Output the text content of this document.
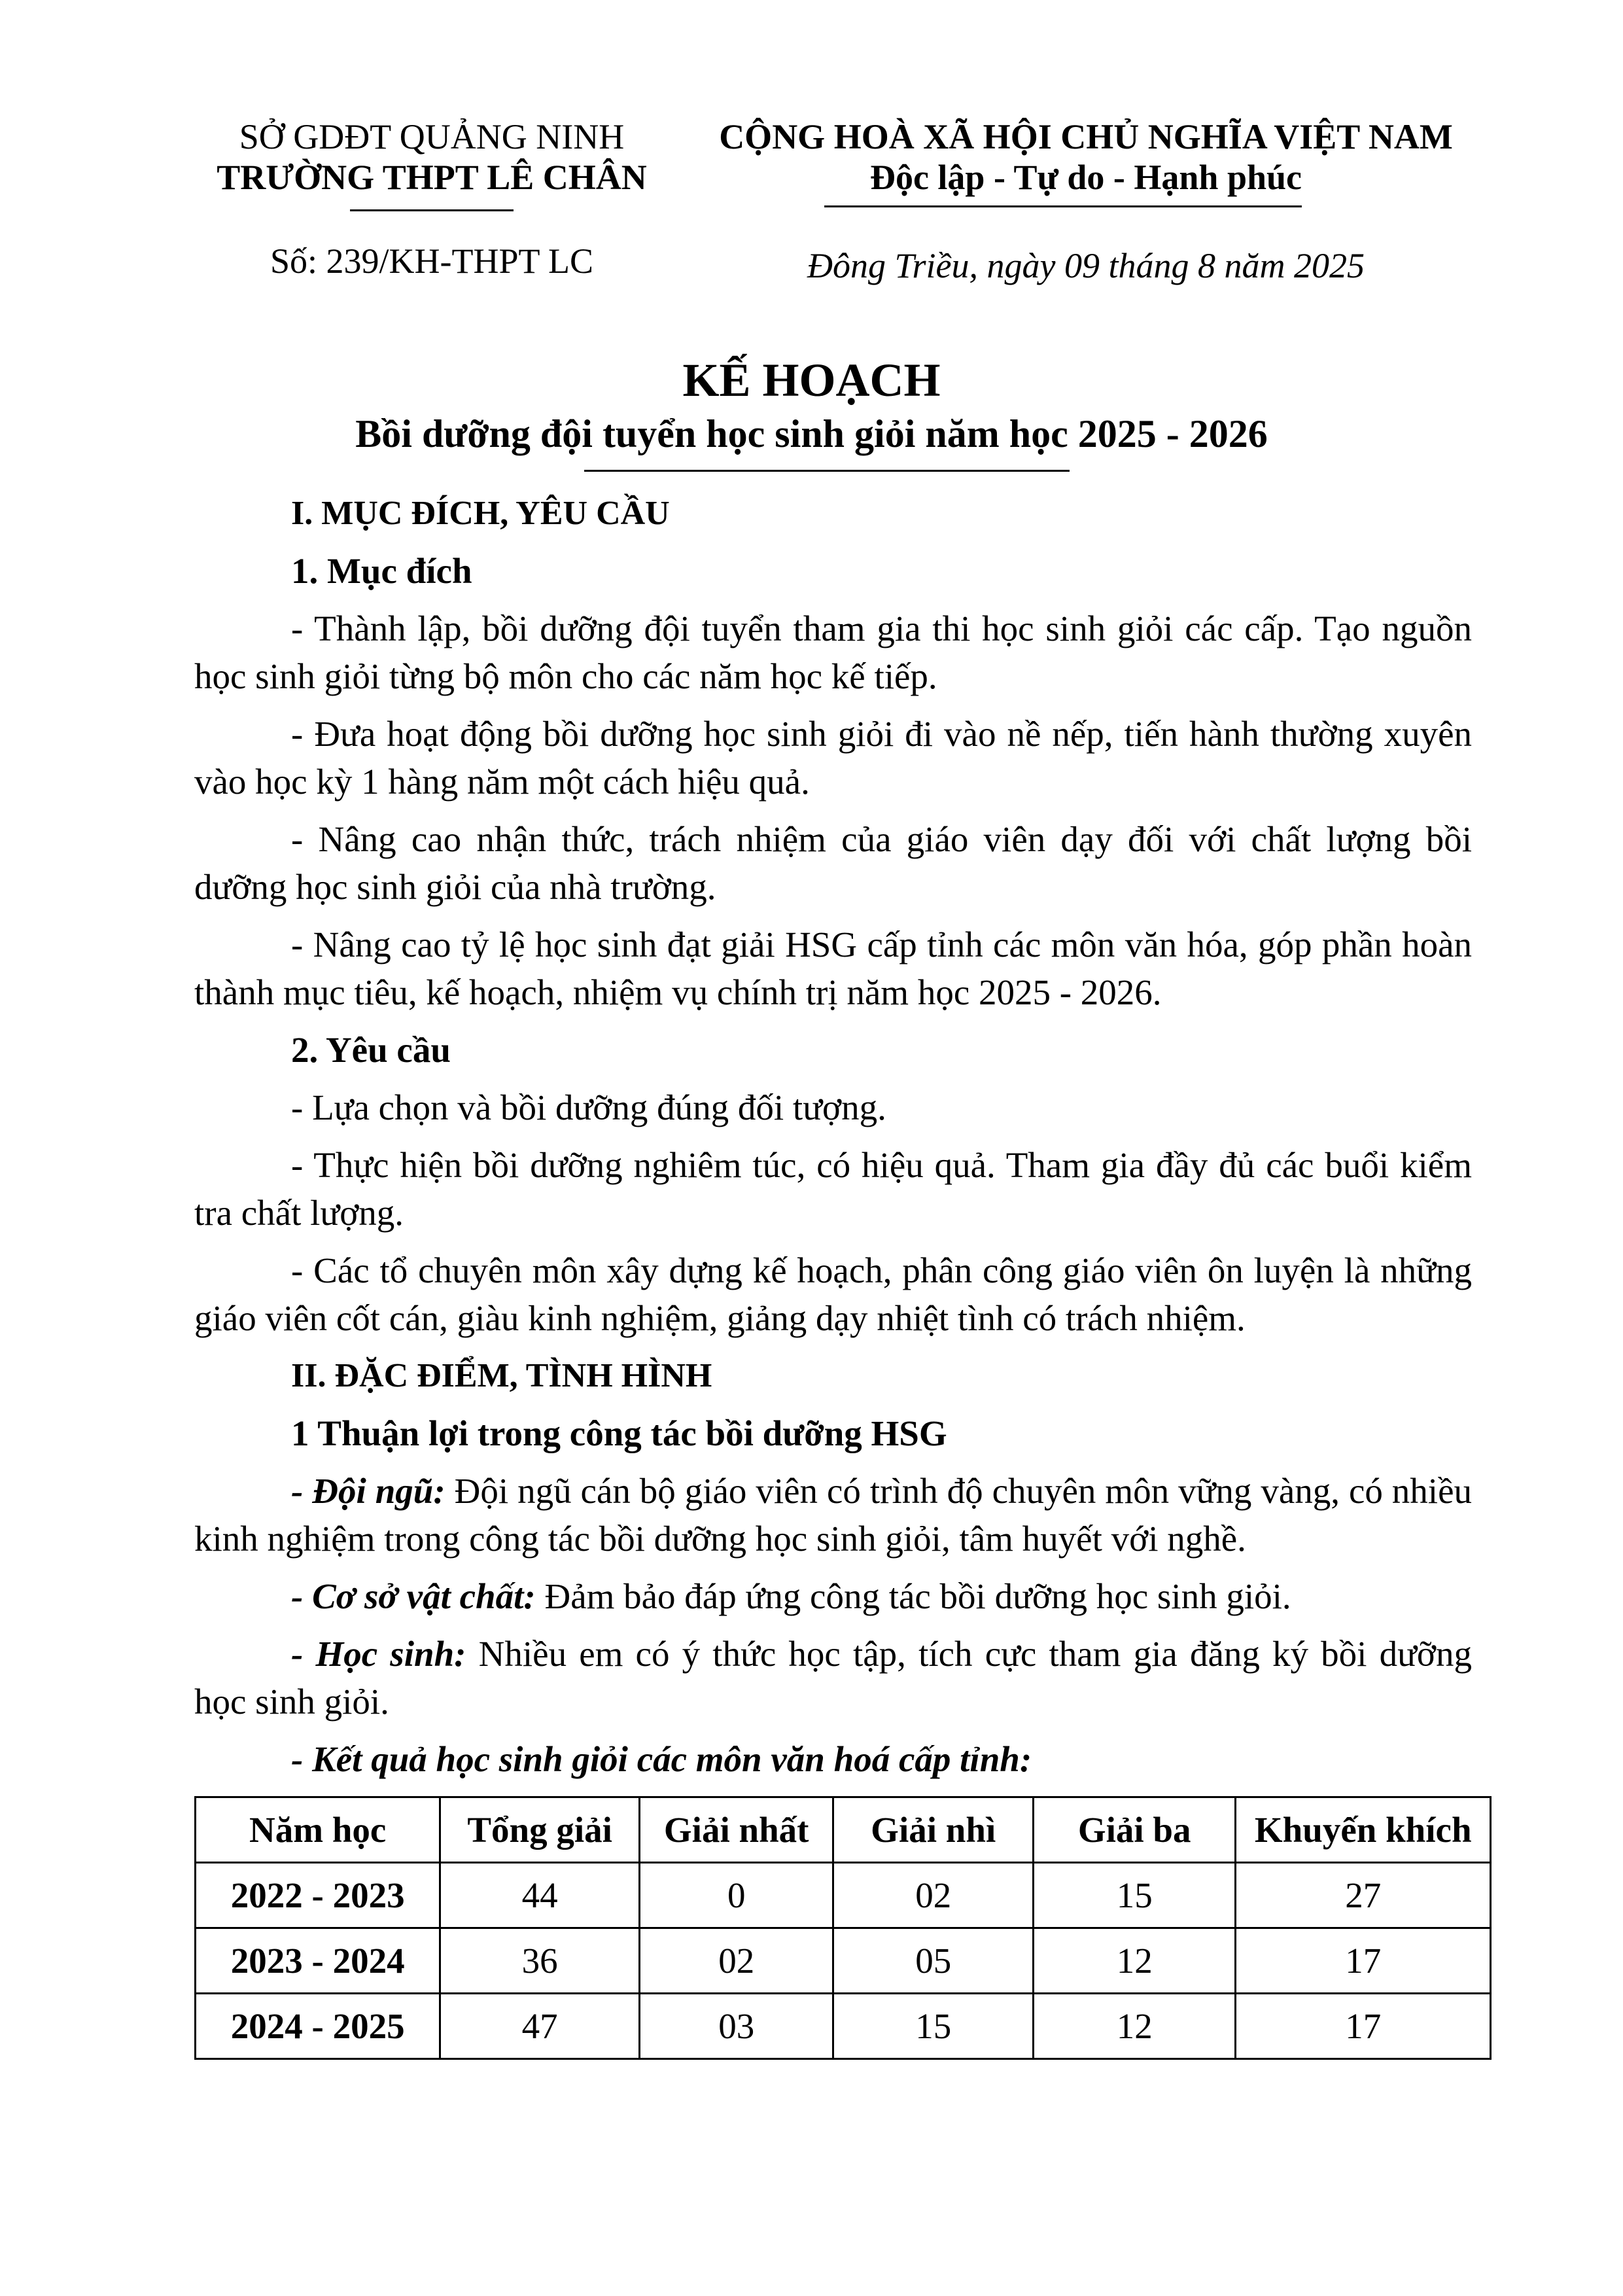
SỞ GDĐT QUẢNG NINH
TRƯỜNG THPT LÊ CHÂN
Số: 239/KH-THPT LC
CỘNG HOÀ XÃ HỘI CHỦ NGHĨA VIỆT NAM
Độc lập - Tự do - Hạnh phúc
Đông Triều, ngày 09 tháng 8 năm 2025
KẾ HOẠCH
Bồi dưỡng đội tuyển học sinh giỏi năm học 2025 - 2026
I. MỤC ĐÍCH, YÊU CẦU
1. Mục đích

- Thành lập, bồi dưỡng đội tuyển tham gia thi học sinh giỏi các cấp. Tạo nguồn học sinh giỏi từng bộ môn cho các năm học kế tiếp.

- Đưa hoạt động bồi dưỡng học sinh giỏi đi vào nề nếp, tiến hành thường xuyên vào học kỳ 1 hàng năm một cách hiệu quả.

- Nâng cao nhận thức, trách nhiệm của giáo viên dạy đối với chất lượng bồi dưỡng học sinh giỏi của nhà trường.

- Nâng cao tỷ lệ học sinh đạt giải HSG cấp tỉnh các môn văn hóa, góp phần hoàn thành mục tiêu, kế hoạch, nhiệm vụ chính trị năm học 2025 - 2026.

2. Yêu cầu

- Lựa chọn và bồi dưỡng đúng đối tượng.

- Thực hiện bồi dưỡng nghiêm túc, có hiệu quả. Tham gia đầy đủ các buổi kiểm tra chất lượng.

- Các tổ chuyên môn xây dựng kế hoạch, phân công giáo viên ôn luyện là những giáo viên cốt cán, giàu kinh nghiệm, giảng dạy nhiệt tình có trách nhiệm.

II. ĐẶC ĐIỂM, TÌNH HÌNH
1 Thuận lợi trong công tác bồi dưỡng HSG

- Đội ngũ: Đội ngũ cán bộ giáo viên có trình độ chuyên môn vững vàng, có nhiều kinh nghiệm trong công tác bồi dưỡng học sinh giỏi, tâm huyết với nghề.

- Cơ sở vật chất: Đảm bảo đáp ứng công tác bồi dưỡng học sinh giỏi.

- Học sinh: Nhiều em có ý thức học tập, tích cực tham gia đăng ký bồi dưỡng học sinh giỏi.

- Kết quả học sinh giỏi các môn văn hoá cấp tỉnh:

Năm học	Tổng giải	Giải nhất	Giải nhì	Giải ba	Khuyến khích
2022 - 2023	44	0	02	15	27
2023 - 2024	36	02	05	12	17
2024 - 2025	47	03	15	12	17
